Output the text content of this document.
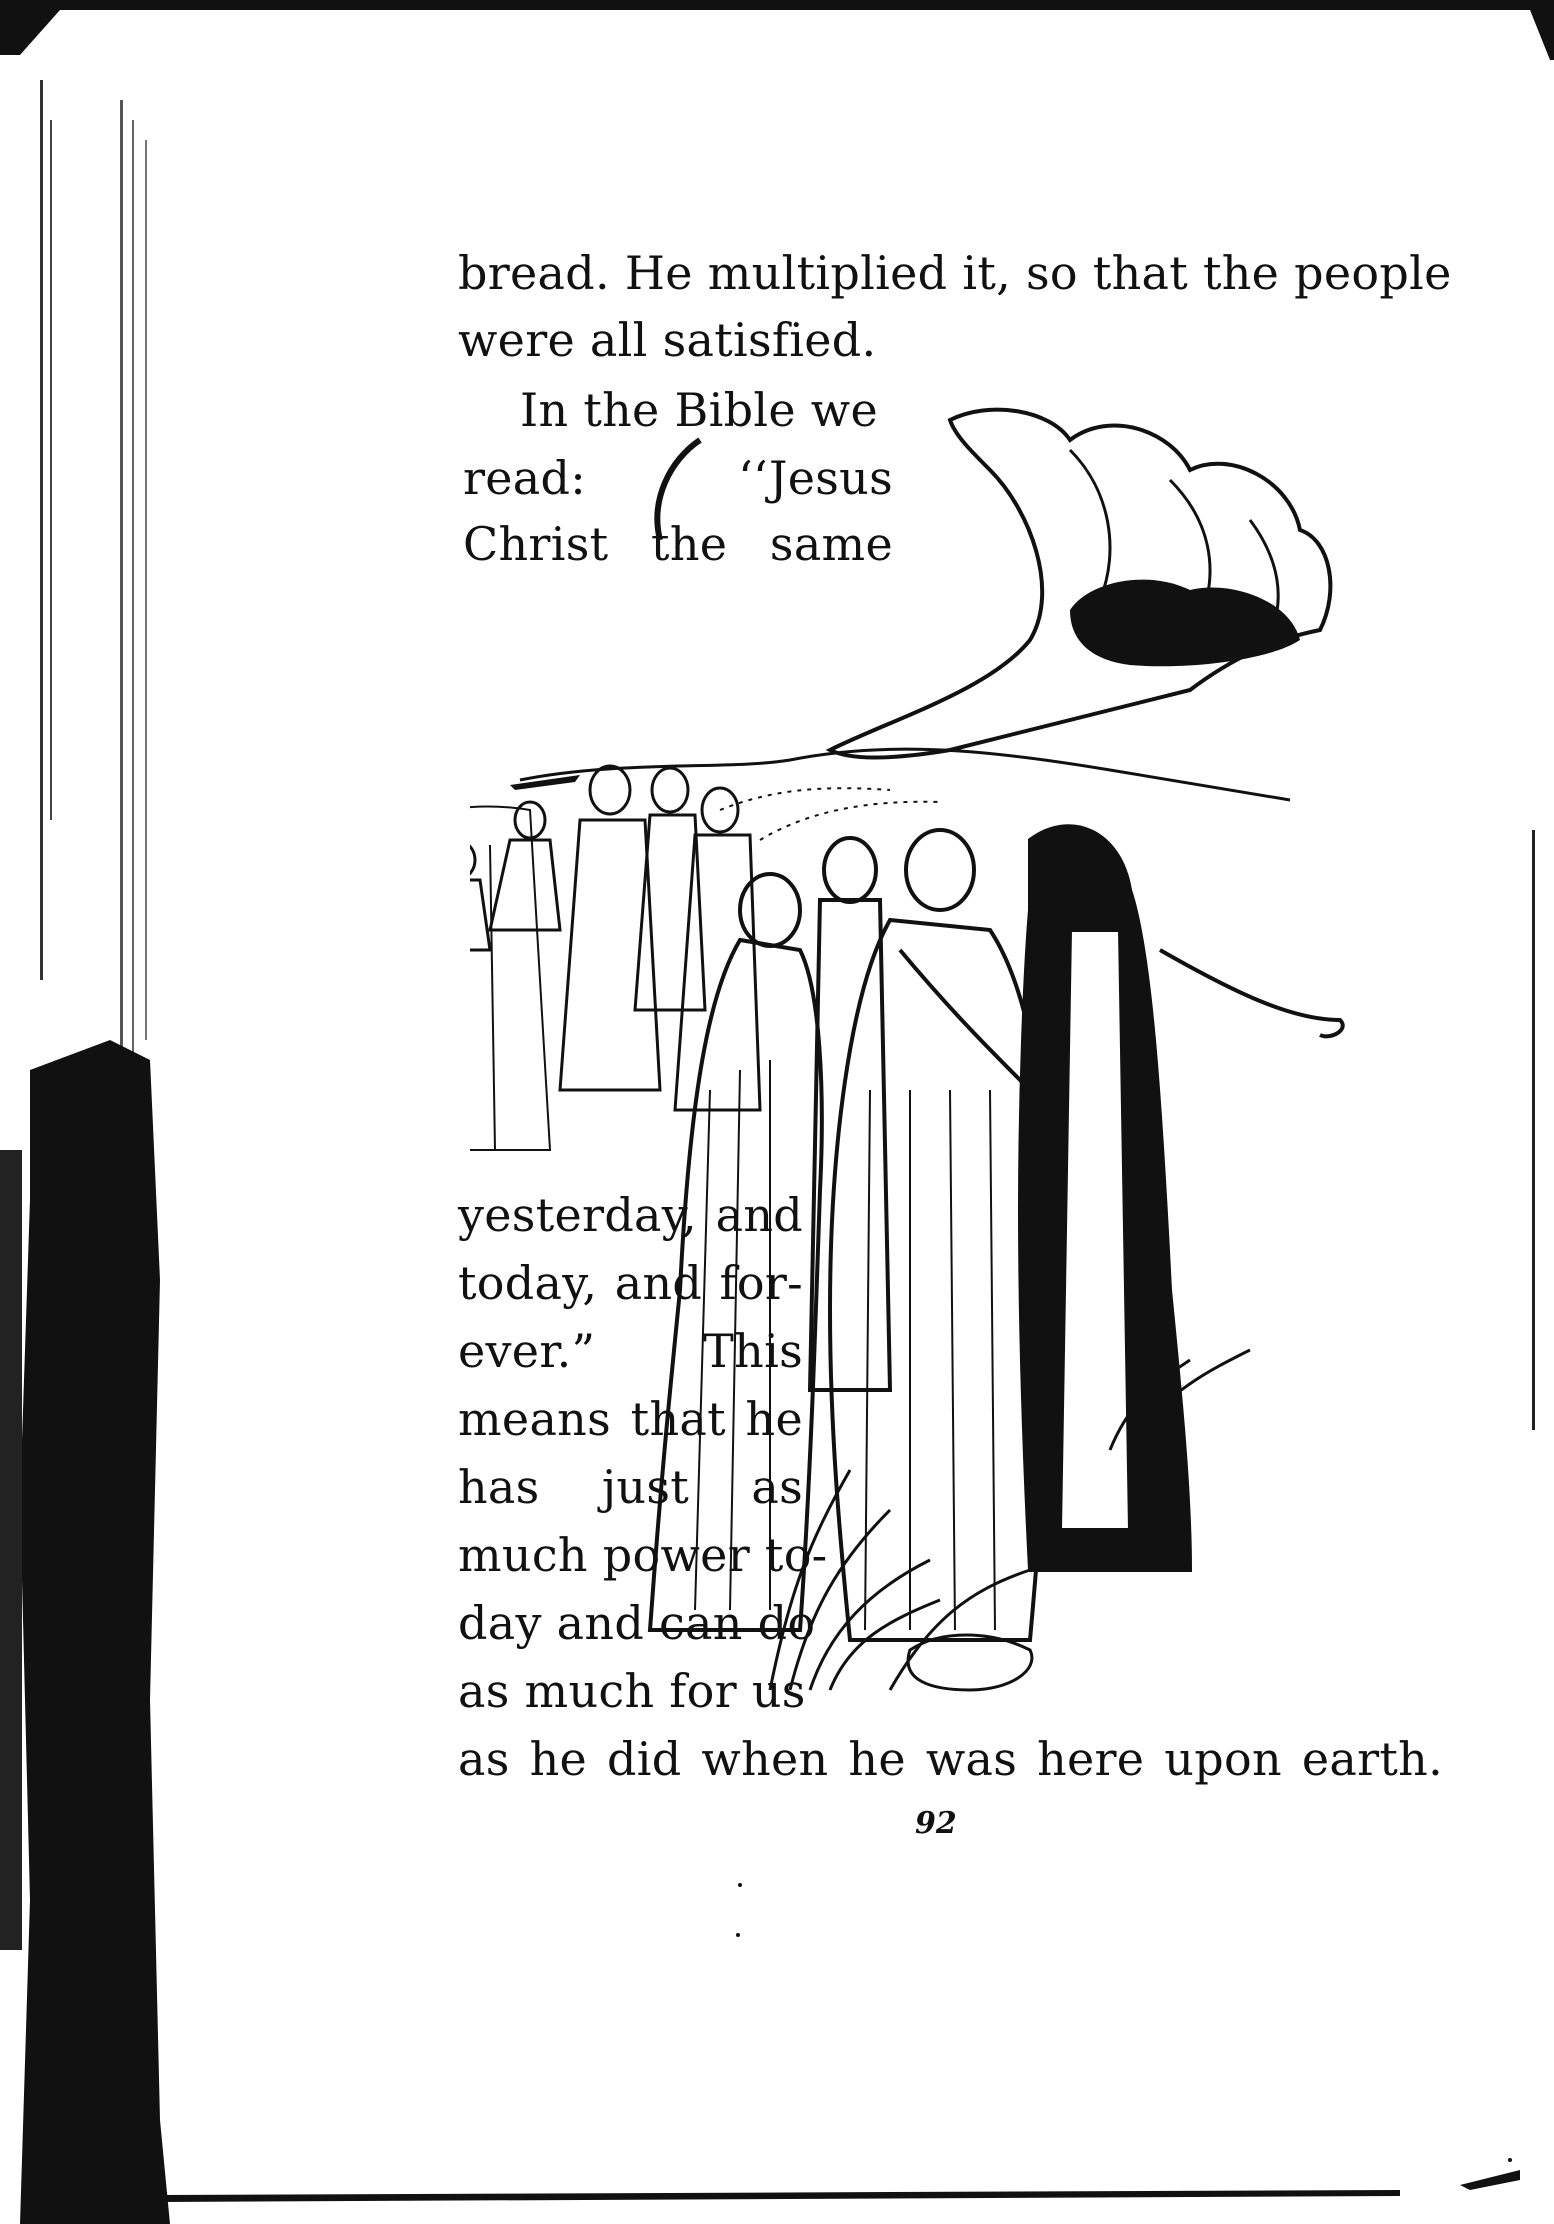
bread. He multiplied it, so that the people
were all satisfied.
In the Bible we
read: ‘‘Jesus
Christ the same
yesterday, and
today, and for-
ever.” This
means that he
has just as
much power to-
day and can do
as much for us
as he did when he was here upon earth.
92
